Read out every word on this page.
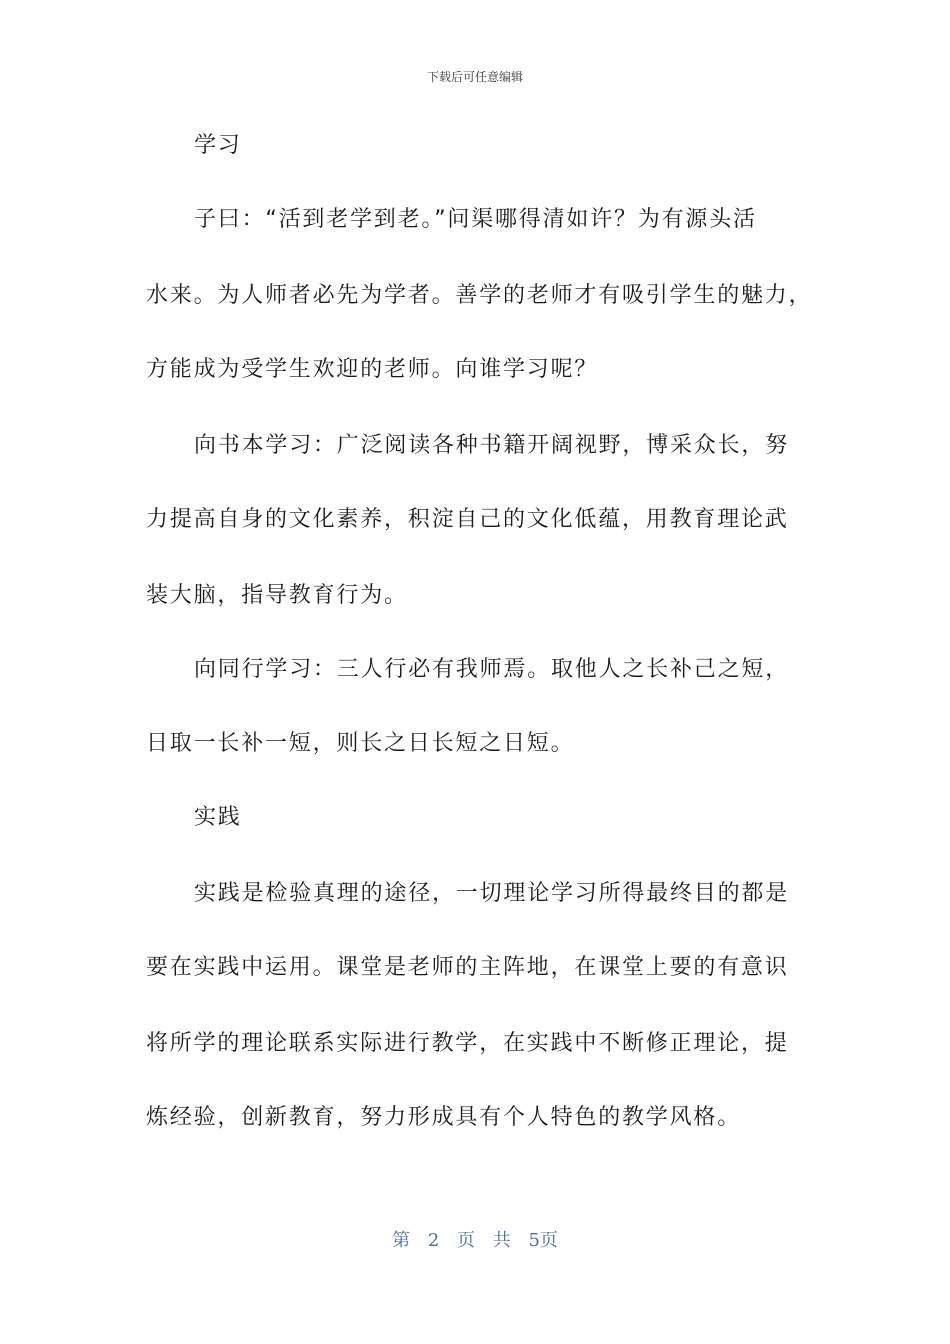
下载后可任意编辑
学习
子曰：“活到老学到老。”问渠哪得清如许？为有源头活
水来。为人师者必先为学者。善学的老师才有吸引学生的魅力，
方能成为受学生欢迎的老师。向谁学习呢？
向书本学习：广泛阅读各种书籍开阔视野，博采众长，努
力提高自身的文化素养，积淀自己的文化低蕴，用教育理论武
装大脑，指导教育行为。
向同行学习：三人行必有我师焉。取他人之长补己之短，
日取一长补一短，则长之日长短之日短。
实践
实践是检验真理的途径，一切理论学习所得最终目的都是
要在实践中运用。课堂是老师的主阵地，在课堂上要的有意识
将所学的理论联系实际进行教学，在实践中不断修正理论，提
炼经验，创新教育，努力形成具有个人特色的教学风格。
第 2 页 共 5页
